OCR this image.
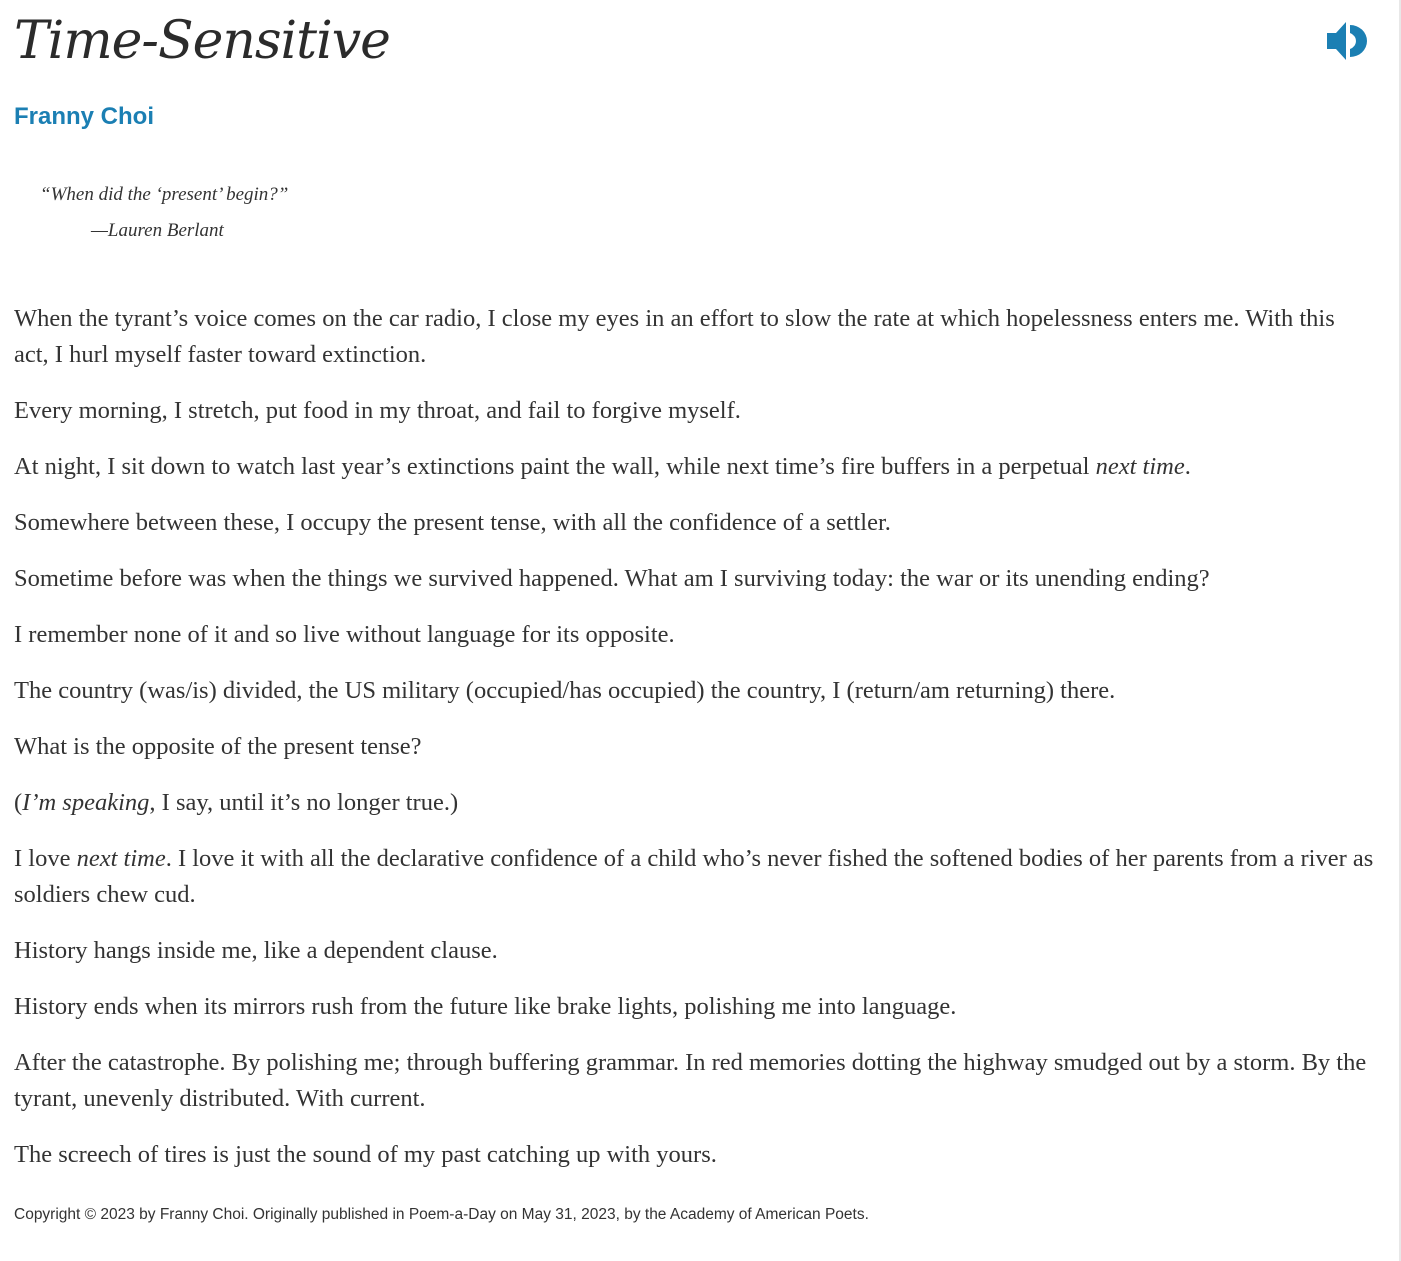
Time-Sensitive
Franny Choi

“When did the ‘present’ begin?”

—Lauren Berlant

When the tyrant’s voice comes on the car radio, I close my eyes in an effort to slow the rate at which hopelessness enters me. With this act, I hurl myself faster toward extinction.

Every morning, I stretch, put food in my throat, and fail to forgive myself.

At night, I sit down to watch last year’s extinctions paint the wall, while next time’s fire buffers in a perpetual next time.

Somewhere between these, I occupy the present tense, with all the confidence of a settler.

Sometime before was when the things we survived happened. What am I surviving today: the war or its unending ending?

I remember none of it and so live without language for its opposite.

The country (was/is) divided, the US military (occupied/has occupied) the country, I (return/am returning) there.

What is the opposite of the present tense?

(I’m speaking, I say, until it’s no longer true.)

I love next time. I love it with all the declarative confidence of a child who’s never fished the softened bodies of her parents from a river as soldiers chew cud.

History hangs inside me, like a dependent clause.

History ends when its mirrors rush from the future like brake lights, polishing me into language.

After the catastrophe. By polishing me; through buffering grammar. In red memories dotting the highway smudged out by a storm. By the tyrant, unevenly distributed. With current.

The screech of tires is just the sound of my past catching up with yours.

Copyright © 2023 by Franny Choi. Originally published in Poem-a-Day on May 31, 2023, by the Academy of American Poets.
